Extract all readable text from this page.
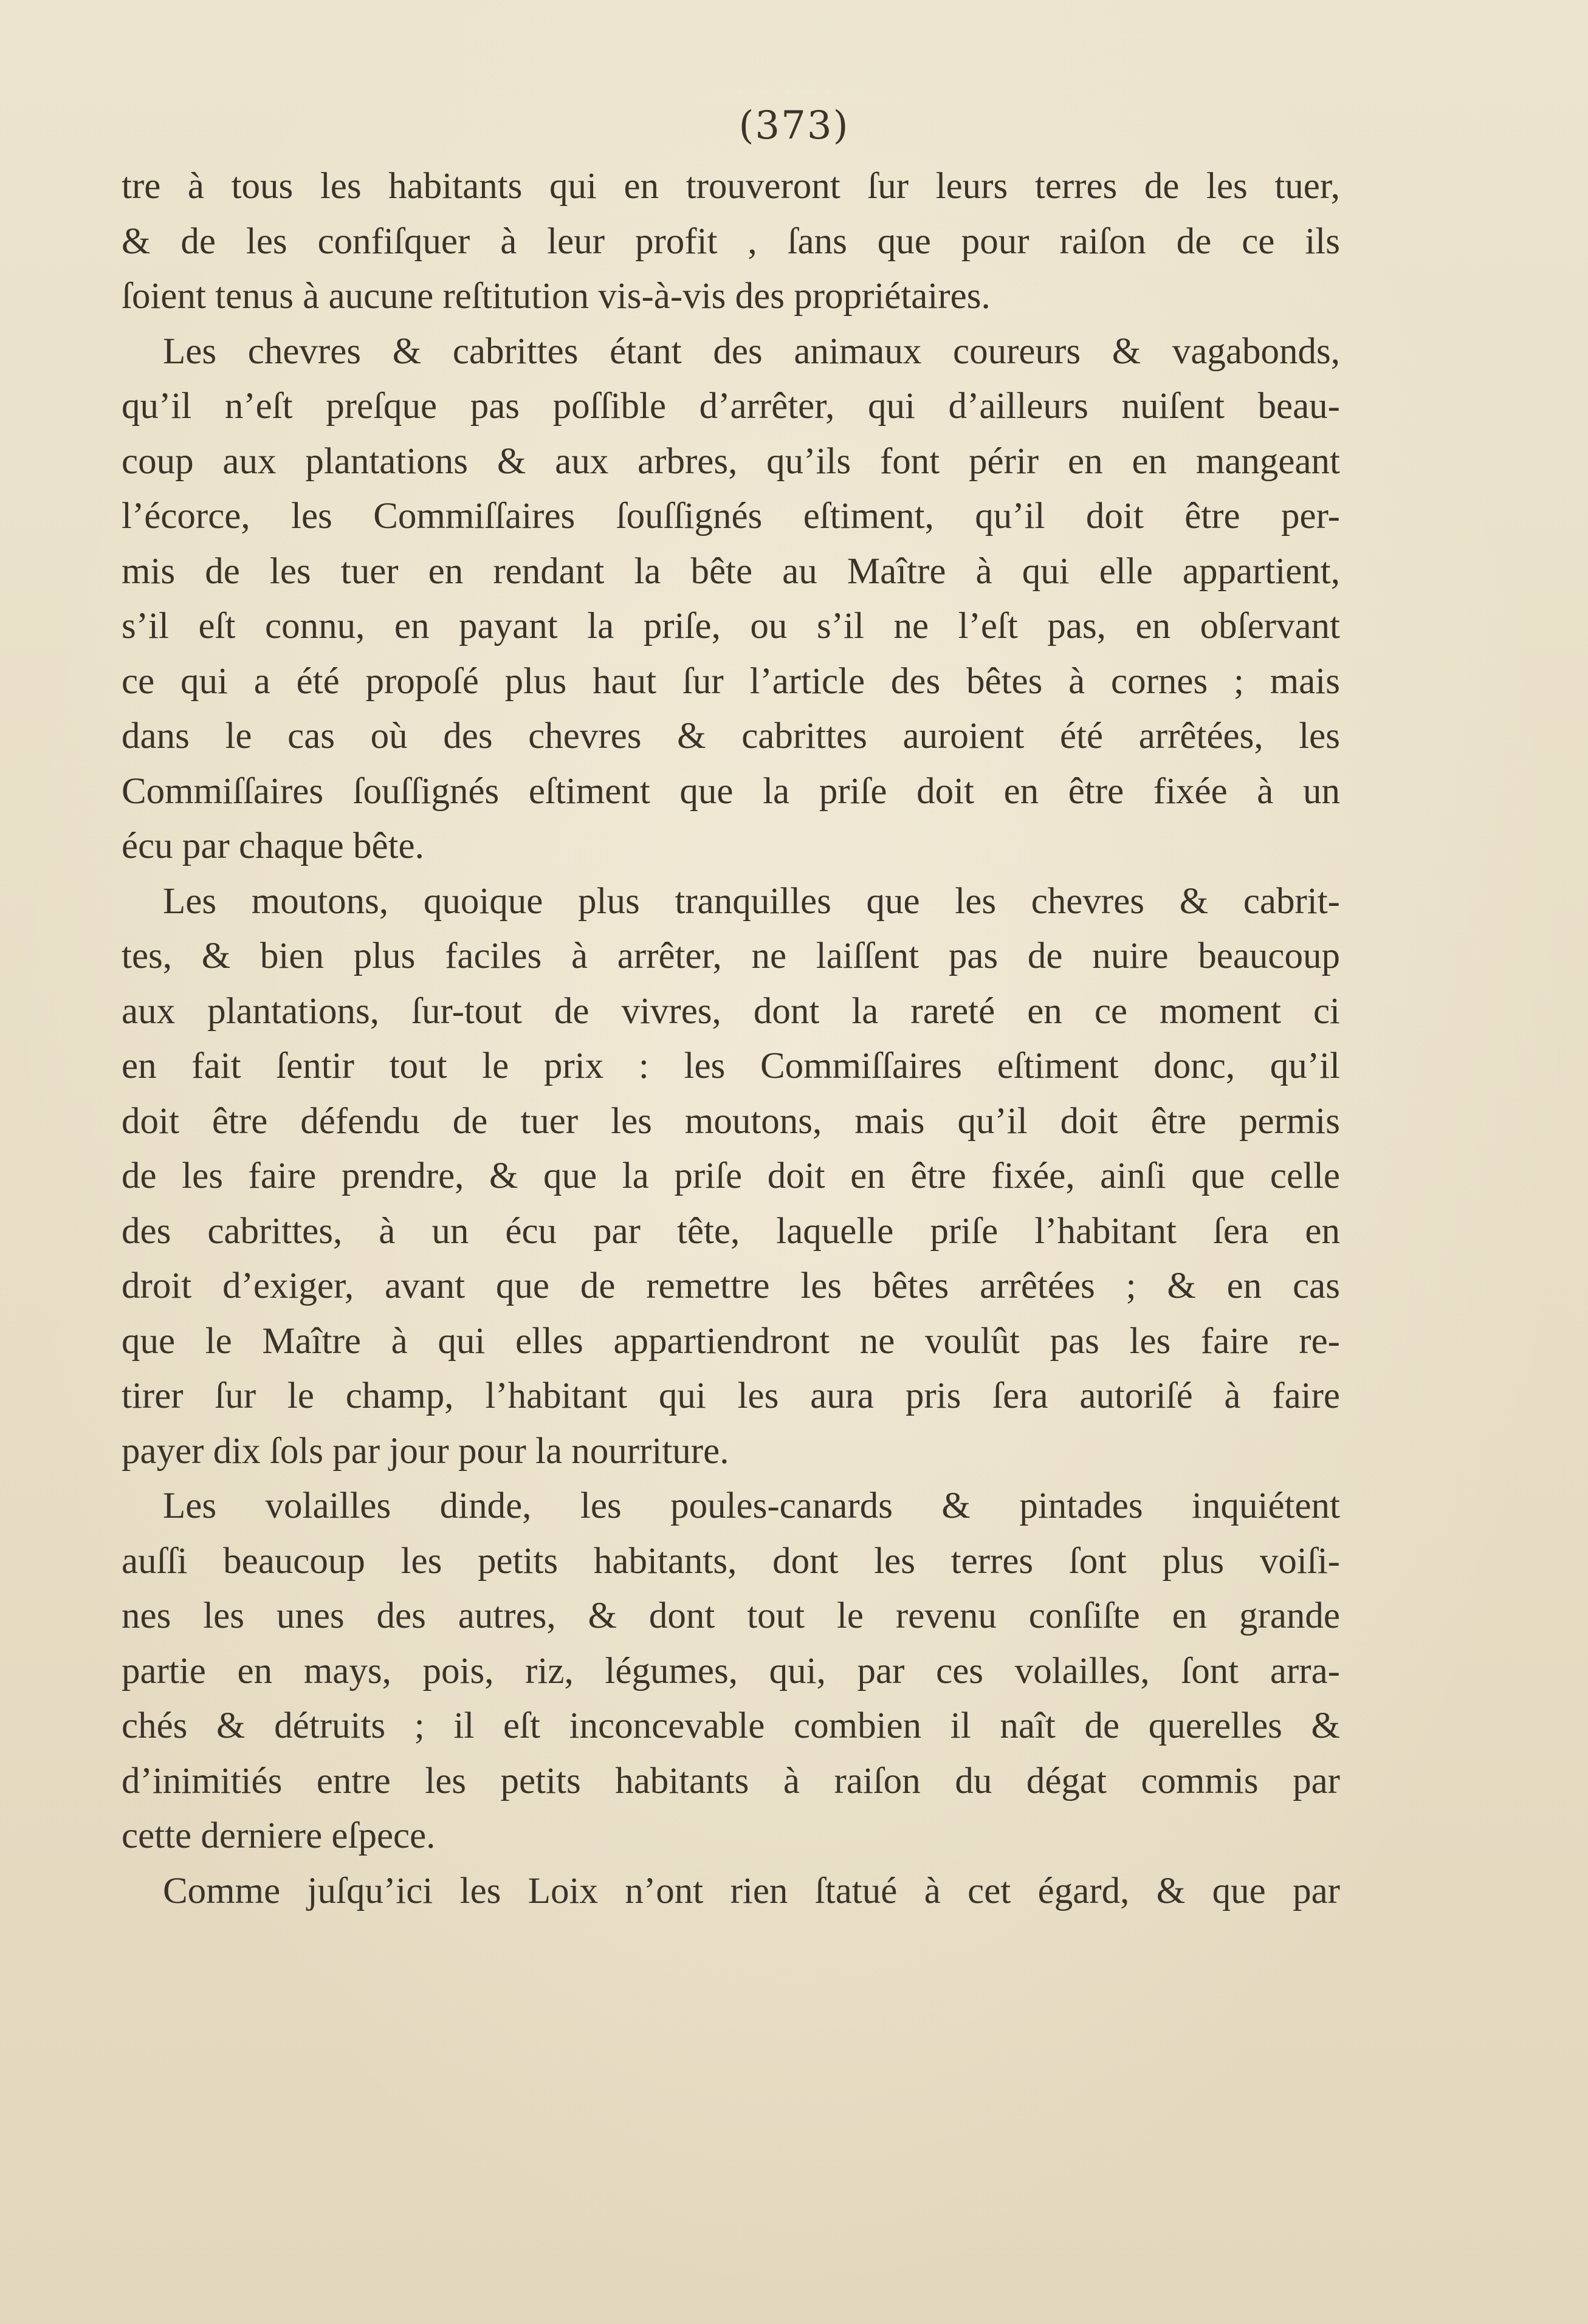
(373)
tre à tous les habitants qui en trouveront ſur leurs terres de les tuer,
& de les confiſquer à leur profit , ſans que pour raiſon de ce ils
ſoient tenus à aucune reſtitution vis-à-vis des propriétaires.
Les chevres & cabrittes étant des animaux coureurs & vagabonds,
qu’il n’eſt preſque pas poſſible d’arrêter, qui d’ailleurs nuiſent beau-
coup aux plantations & aux arbres, qu’ils font périr en en mangeant
l’écorce, les Commiſſaires ſouſſignés eſtiment, qu’il doit être per-
mis de les tuer en rendant la bête au Maître à qui elle appartient,
s’il eſt connu, en payant la priſe, ou s’il ne l’eſt pas, en obſervant
ce qui a été propoſé plus haut ſur l’article des bêtes à cornes ; mais
dans le cas où des chevres & cabrittes auroient été arrêtées, les
Commiſſaires ſouſſignés eſtiment que la priſe doit en être fixée à un
écu par chaque bête.
Les moutons, quoique plus tranquilles que les chevres & cabrit-
tes, & bien plus faciles à arrêter, ne laiſſent pas de nuire beaucoup
aux plantations, ſur-tout de vivres, dont la rareté en ce moment ci
en fait ſentir tout le prix : les Commiſſaires eſtiment donc, qu’il
doit être défendu de tuer les moutons, mais qu’il doit être permis
de les faire prendre, & que la priſe doit en être fixée, ainſi que celle
des cabrittes, à un écu par tête, laquelle priſe l’habitant ſera en
droit d’exiger, avant que de remettre les bêtes arrêtées ; & en cas
que le Maître à qui elles appartiendront ne voulût pas les faire re-
tirer ſur le champ, l’habitant qui les aura pris ſera autoriſé à faire
payer dix ſols par jour pour la nourriture.
Les volailles dinde, les poules-canards & pintades inquiétent
auſſi beaucoup les petits habitants, dont les terres ſont plus voiſi-
nes les unes des autres, & dont tout le revenu conſiſte en grande
partie en mays, pois, riz, légumes, qui, par ces volailles, ſont arra-
chés & détruits ; il eſt inconcevable combien il naît de querelles &
d’inimitiés entre les petits habitants à raiſon du dégat commis par
cette derniere eſpece.
Comme juſqu’ici les Loix n’ont rien ſtatué à cet égard, & que par
